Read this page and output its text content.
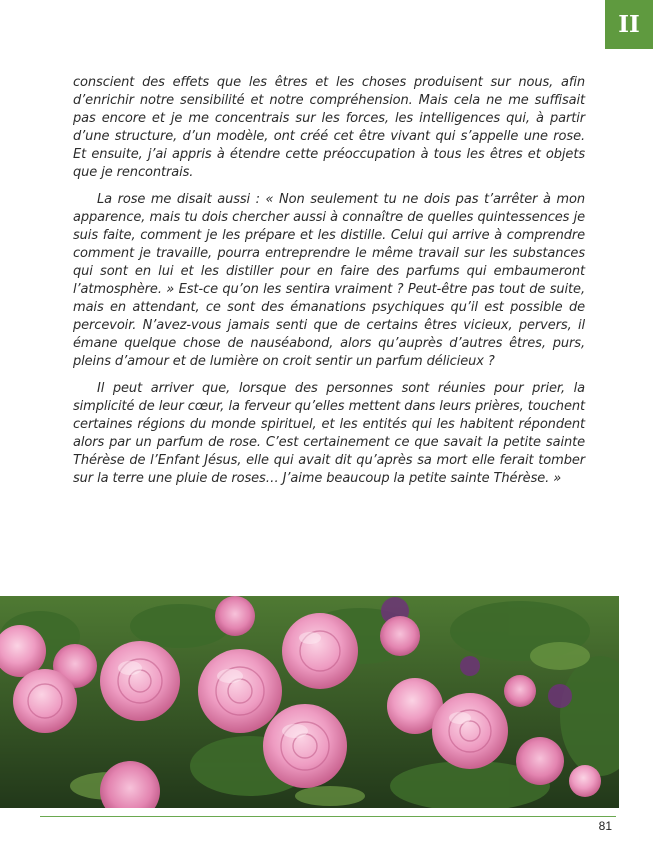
II

conscient des effets que les êtres et les choses produisent sur nous, afin d’enrichir notre sensibilité et notre compréhension. Mais cela ne me suffisait pas encore et je me concentrais sur les forces, les intelligences qui, à partir d’une structure, d’un modèle, ont créé cet être vivant qui s’appelle une rose. Et ensuite, j’ai appris à étendre cette préoccupation à tous les êtres et objets que je rencontrais.

La rose me disait aussi : « Non seulement tu ne dois pas t’arrêter à mon apparence, mais tu dois chercher aussi à connaître de quelles quintessences je suis faite, comment je les prépare et les distille. Celui qui arrive à comprendre comment je travaille, pourra entreprendre le même travail sur les substances qui sont en lui et les distiller pour en faire des parfums qui embaumeront l’atmosphère. » Est-ce qu’on les sentira vraiment ? Peut-être pas tout de suite, mais en attendant, ce sont des émanations psychiques qu’il est possible de percevoir. N’avez-vous jamais senti que de certains êtres vicieux, pervers, il émane quelque chose de nauséabond, alors qu’auprès d’autres êtres, purs, pleins d’amour et de lumière on croit sentir un parfum délicieux ?

Il peut arriver que, lorsque des personnes sont réunies pour prier, la simplicité de leur cœur, la ferveur qu’elles mettent dans leurs prières, touchent certaines régions du monde spirituel, et les entités qui les habitent répondent alors par un parfum de rose. C’est certainement ce que savait la petite sainte Thérèse de l’Enfant Jésus, elle qui avait dit qu’après sa mort elle ferait tomber sur la terre une pluie de roses… J’aime beaucoup la petite sainte Thérèse. »

81
